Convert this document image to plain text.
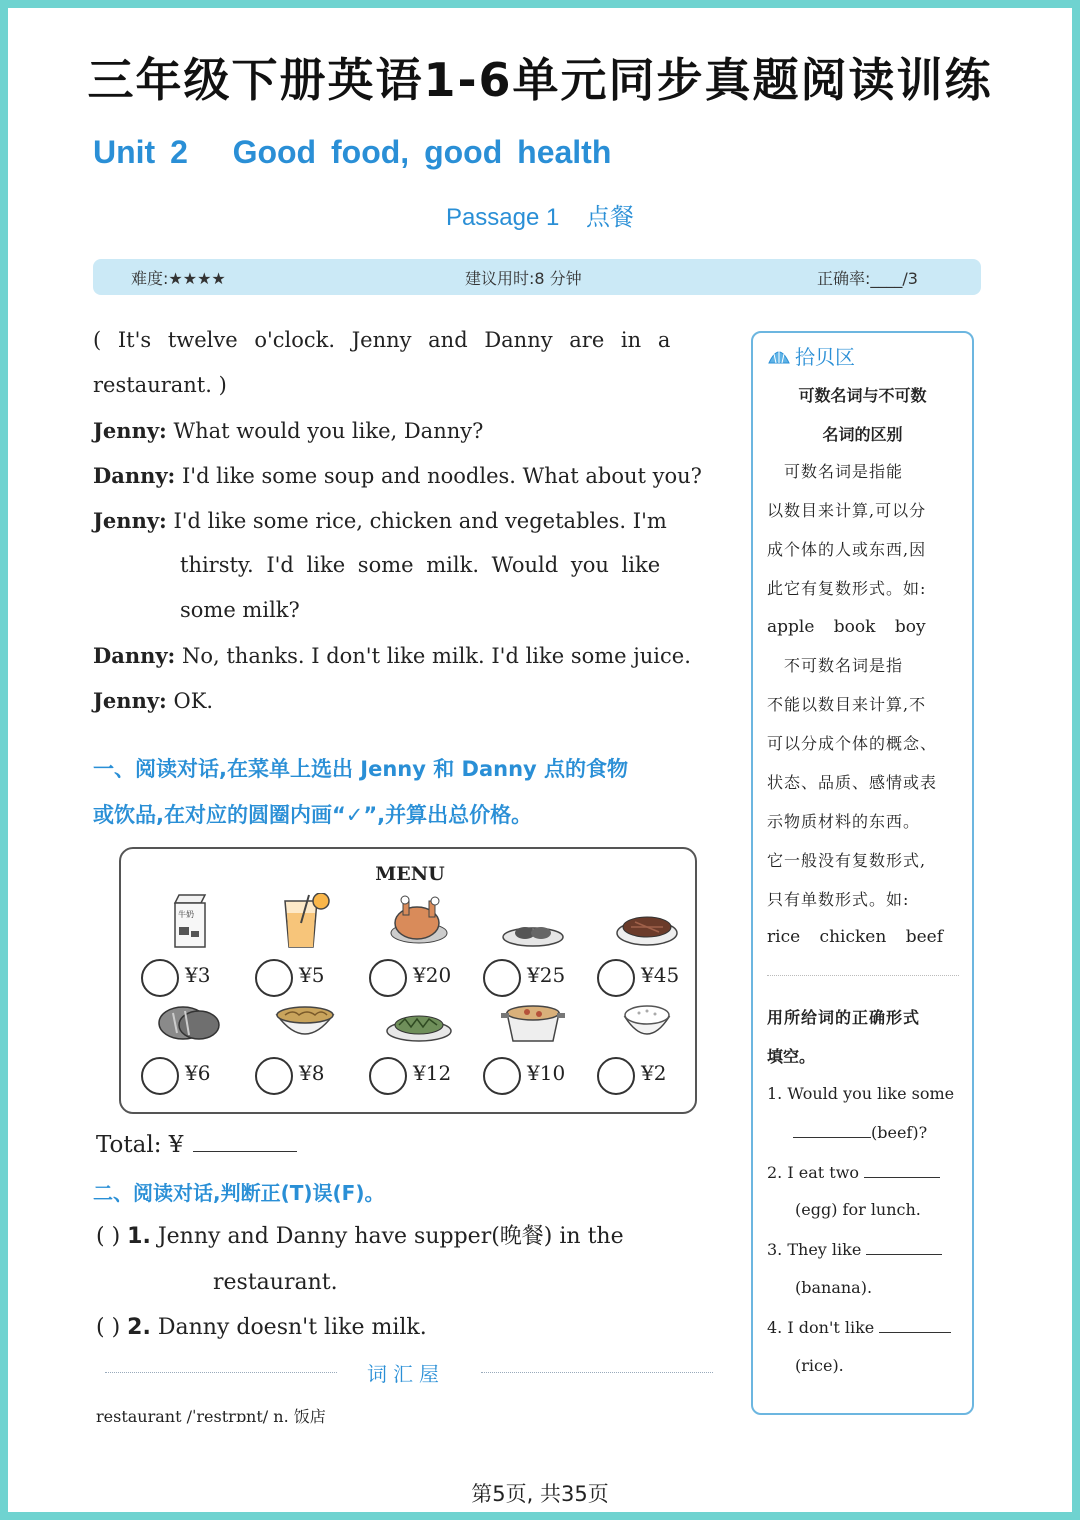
三年级下册英语1-6单元同步真题阅读训练
Unit 2 Good food, good health
Passage 1 点餐
难度:★★★★	建议用时:8 分钟	正确率:____/3
( It's twelve o'clock. Jenny and Danny are in a
restaurant. )
Jenny: What would you like, Danny?
Danny: I'd like some soup and noodles. What about you?
Jenny: I'd like some rice, chicken and vegetables. I'm
thirsty. I'd like some milk. Would you like
some milk?
Danny: No, thanks. I don't like milk. I'd like some juice.
Jenny: OK.
一、阅读对话,在菜单上选出 Jenny 和 Danny 点的食物
或饮品,在对应的圆圈内画“✓”,并算出总价格。
MENU
牛奶
¥3	¥5	¥20	¥25	¥45
¥6	¥8	¥12	¥10	¥2
Total: ¥
二、阅读对话,判断正(T)误(F)。
( ) 1. Jenny and Danny have supper(晚餐) in the
restaurant.
( ) 2. Danny doesn't like milk.
词汇屋
restaurant /ˈrestrɒnt/ n. 饭店
拾贝区
可数名词与不可数
名词的区别
　可数名词是指能
以数目来计算,可以分
成个体的人或东西,因
此它有复数形式。如:
apple book boy
　不可数名词是指
不能以数目来计算,不
可以分成个体的概念、
状态、品质、感情或表
示物质材料的东西。
它一般没有复数形式,
只有单数形式。如:
rice chicken beef
用所给词的正确形式
填空。
1. Would you like some
(beef)?
2. I eat two
(egg) for lunch.
3. They like
(banana).
4. I don't like
(rice).
第5页, 共35页
